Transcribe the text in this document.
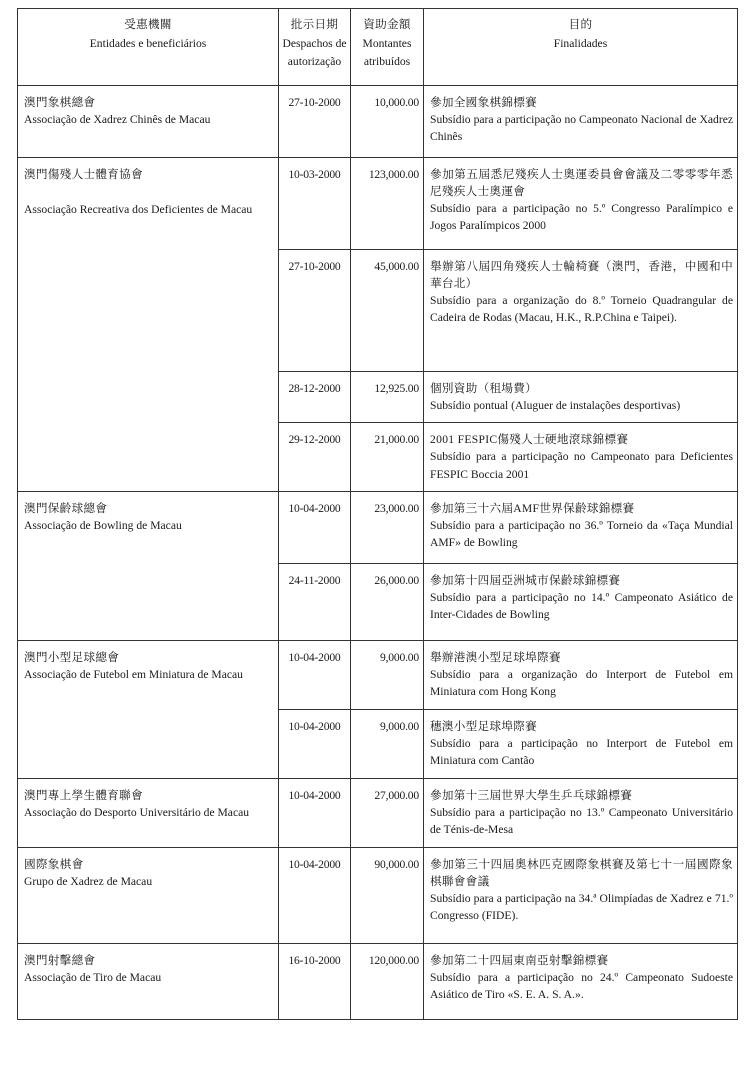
受惠機關
Entidades e beneficiários	批示日期
Despachos de
autorização	資助金額
Montantes
atribuídos	目的
Finalidades

澳門象棋總會
Associação de Xadrez Chinês de Macau	27-10-2000	10,000.00	參加全國象棋錦標賽
Subsídio para a participação no Campeonato Nacional de Xadrez Chinês

澳門傷殘人士體育協會
Associação Recreativa dos Deficientes de Macau	10-03-2000	123,000.00	參加第五屆悉尼殘疾人士奧運委員會會議及二零零零年悉尼殘疾人士奧運會
Subsídio para a participação no 5.º Congresso Paralímpico e Jogos Paralímpicos 2000

	27-10-2000	45,000.00	舉辦第八屆四角殘疾人士輪椅賽（澳門，香港，中國和中華台北）
Subsídio para a organização do 8.º Torneio Quadrangular de Cadeira de Rodas (Macau, H.K., R.P.China e Taipei).

	28-12-2000	12,925.00	個別資助（租場費）
Subsídio pontual (Aluguer de instalações desportivas)

	29-12-2000	21,000.00	2001 FESPIC傷殘人士硬地滾球錦標賽
Subsídio para a participação no Campeonato para Deficientes FESPIC Boccia 2001

澳門保齡球總會
Associação de Bowling de Macau	10-04-2000	23,000.00	參加第三十六屆AMF世界保齡球錦標賽
Subsídio para a participação no 36.º Torneio da «Taça Mundial AMF» de Bowling

	24-11-2000	26,000.00	參加第十四屆亞洲城市保齡球錦標賽
Subsídio para a participação no 14.º Campeonato Asiático de Inter-Cidades de Bowling

澳門小型足球總會
Associação de Futebol em Miniatura de Macau	10-04-2000	9,000.00	舉辦港澳小型足球埠際賽
Subsídio para a organização do Interport de Futebol em Miniatura com Hong Kong

	10-04-2000	9,000.00	穗澳小型足球埠際賽
Subsídio para a participação no Interport de Futebol em Miniatura com Cantão

澳門專上學生體育聯會
Associação do Desporto Universitário de Macau	10-04-2000	27,000.00	參加第十三屆世界大學生乒乓球錦標賽
Subsídio para a participação no 13.º Campeonato Universitário de Ténis-de-Mesa

國際象棋會
Grupo de Xadrez de Macau	10-04-2000	90,000.00	參加第三十四屆奧林匹克國際象棋賽及第七十一屆國際象棋聯會會議
Subsídio para a participação na 34.ª Olimpíadas de Xadrez e 71.º Congresso (FIDE).

澳門射擊總會
Associação de Tiro de Macau	16-10-2000	120,000.00	參加第二十四屆東南亞射擊錦標賽
Subsídio para a participação no 24.º Campeonato Sudoeste Asiático de Tiro «S. E. A. S. A.».
